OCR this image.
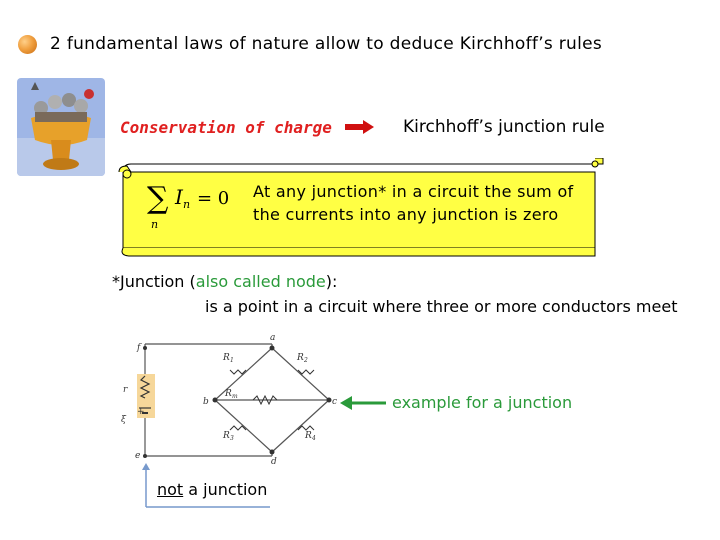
2 fundamental laws of nature allow to deduce Kirchhoff’s rules
Conservation of charge	Kirchhoff’s junction rule
∑
n
I n = 0 At any junction* in a circuit the sum of
the currents into any junction is zero
*Junction (also called node):
is a point in a circuit where three or more conductors meet
a
b	c
d
f
e
r
ξ
+
R 1	R 2
R m
R 3	R 4
example for a junction
not a junction
